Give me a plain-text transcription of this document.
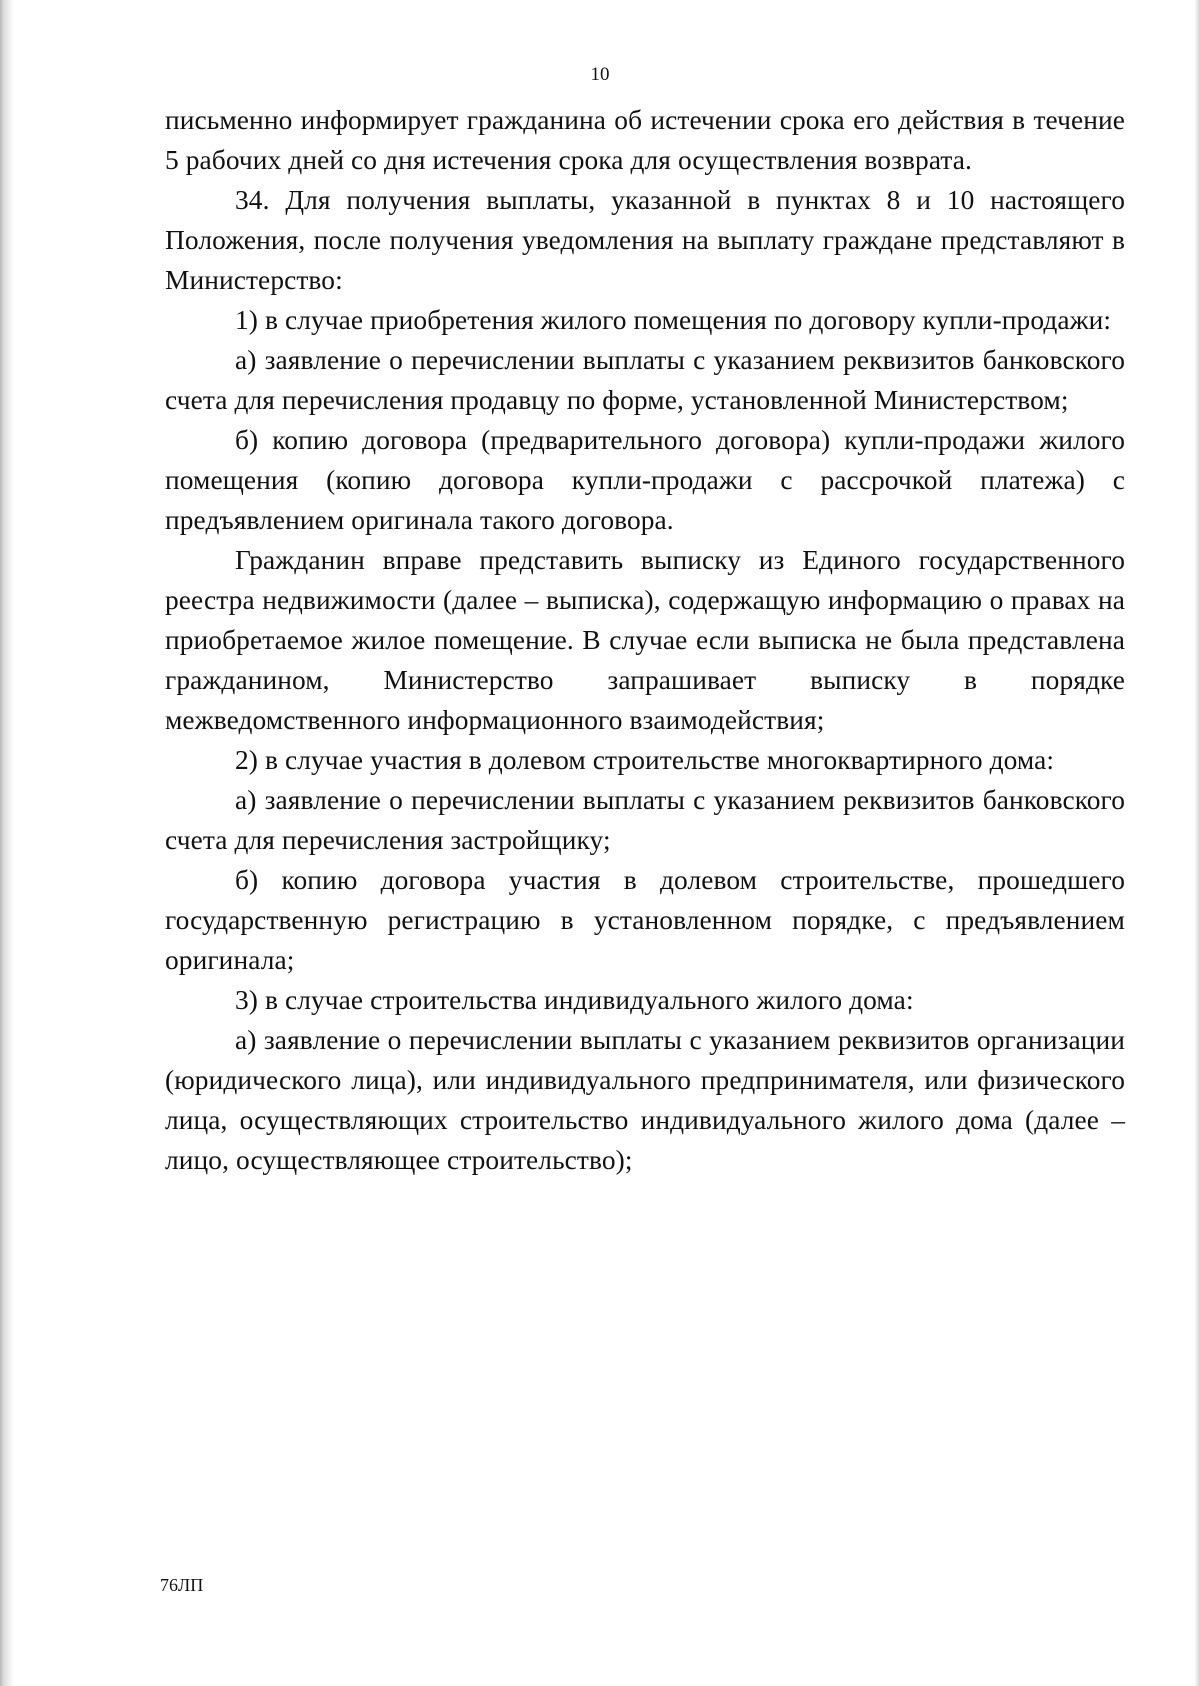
10

письменно информирует гражданина об истечении срока его действия в течение 5 рабочих дней со дня истечения срока для осуществления возврата.

34. Для получения выплаты, указанной в пунктах 8 и 10 настоящего Положения, после получения уведомления на выплату граждане представляют в Министерство:

1) в случае приобретения жилого помещения по договору купли-продажи:

а) заявление о перечислении выплаты с указанием реквизитов банковского счета для перечисления продавцу по форме, установленной Министерством;

б) копию договора (предварительного договора) купли-продажи жилого помещения (копию договора купли-продажи с рассрочкой платежа) с предъявлением оригинала такого договора.

Гражданин вправе представить выписку из Единого государственного реестра недвижимости (далее – выписка), содержащую информацию о правах на приобретаемое жилое помещение. В случае если выписка не была представлена гражданином, Министерство запрашивает выписку в порядке межведомственного информационного взаимодействия;

2) в случае участия в долевом строительстве многоквартирного дома:

а) заявление о перечислении выплаты с указанием реквизитов банковского счета для перечисления застройщику;

б) копию договора участия в долевом строительстве, прошедшего государственную регистрацию в установленном порядке, с предъявлением оригинала;

3) в случае строительства индивидуального жилого дома:

а) заявление о перечислении выплаты с указанием реквизитов организации (юридического лица), или индивидуального предпринимателя, или физического лица, осуществляющих строительство индивидуального жилого дома (далее – лицо, осуществляющее строительство);

76ЛП
